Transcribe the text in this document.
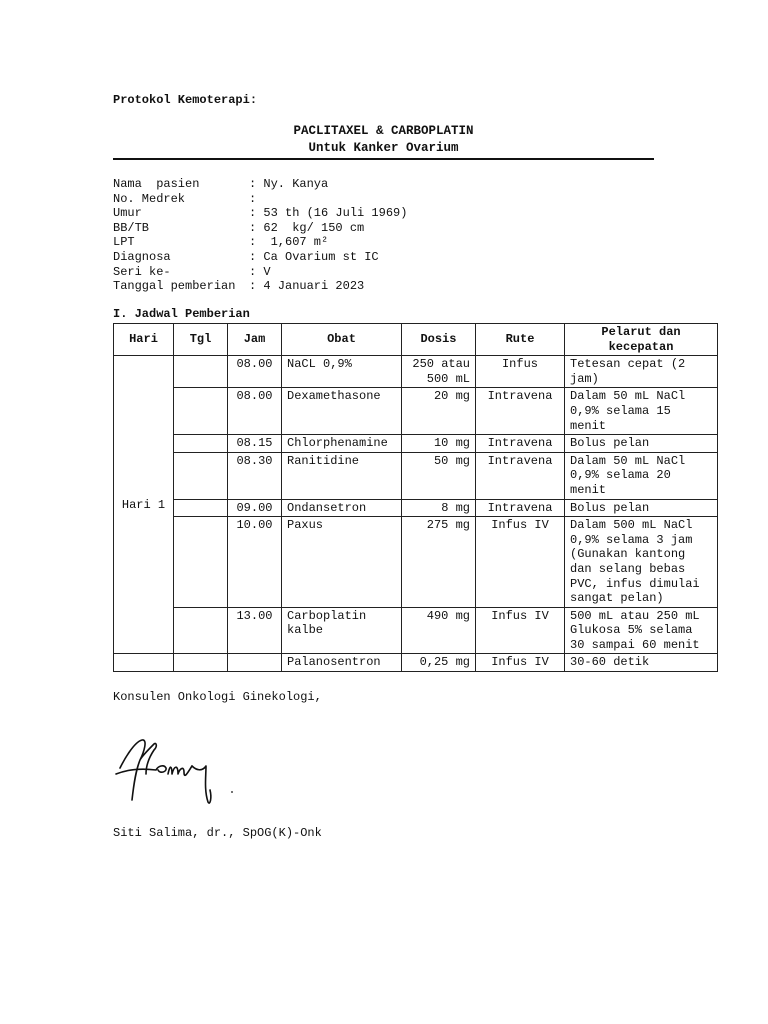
Protokol Kemoterapi:
PACLITAXEL & CARBOPLATIN
Untuk Kanker Ovarium
Nama  pasien	: Ny. Kanya
No. Medrek	:
Umur	: 53 th (16 Juli 1969)
BB/TB	: 62  kg/ 150 cm
LPT	:  1,607 m²
Diagnosa	: Ca Ovarium st IC
Seri ke-	: V
Tanggal pemberian	: 4 Januari 2023
I. Jadwal Pemberian
Hari	Tgl	Jam	Obat	Dosis	Rute	Pelarut dan kecepatan
Hari 1		08.00	NaCL 0,9%	250 atau 500 mL	Infus	Tetesan cepat (2 jam)
		08.00	Dexamethasone	20 mg	Intravena	Dalam 50 mL NaCl 0,9% selama 15 menit
		08.15	Chlorphenamine	10 mg	Intravena	Bolus pelan
		08.30	Ranitidine	50 mg	Intravena	Dalam 50 mL NaCl 0,9% selama 20 menit
		09.00	Ondansetron	8 mg	Intravena	Bolus pelan
		10.00	Paxus	275 mg	Infus IV	Dalam 500 mL NaCl 0,9% selama 3 jam (Gunakan kantong dan selang bebas PVC, infus dimulai sangat pelan)
		13.00	Carboplatin kalbe	490 mg	Infus IV	500 mL atau 250 mL Glukosa 5% selama 30 sampai 60 menit
			Palanosentron	0,25 mg	Infus IV	30-60 detik
Konsulen Onkologi Ginekologi,
Siti Salima, dr., SpOG(K)-Onk
